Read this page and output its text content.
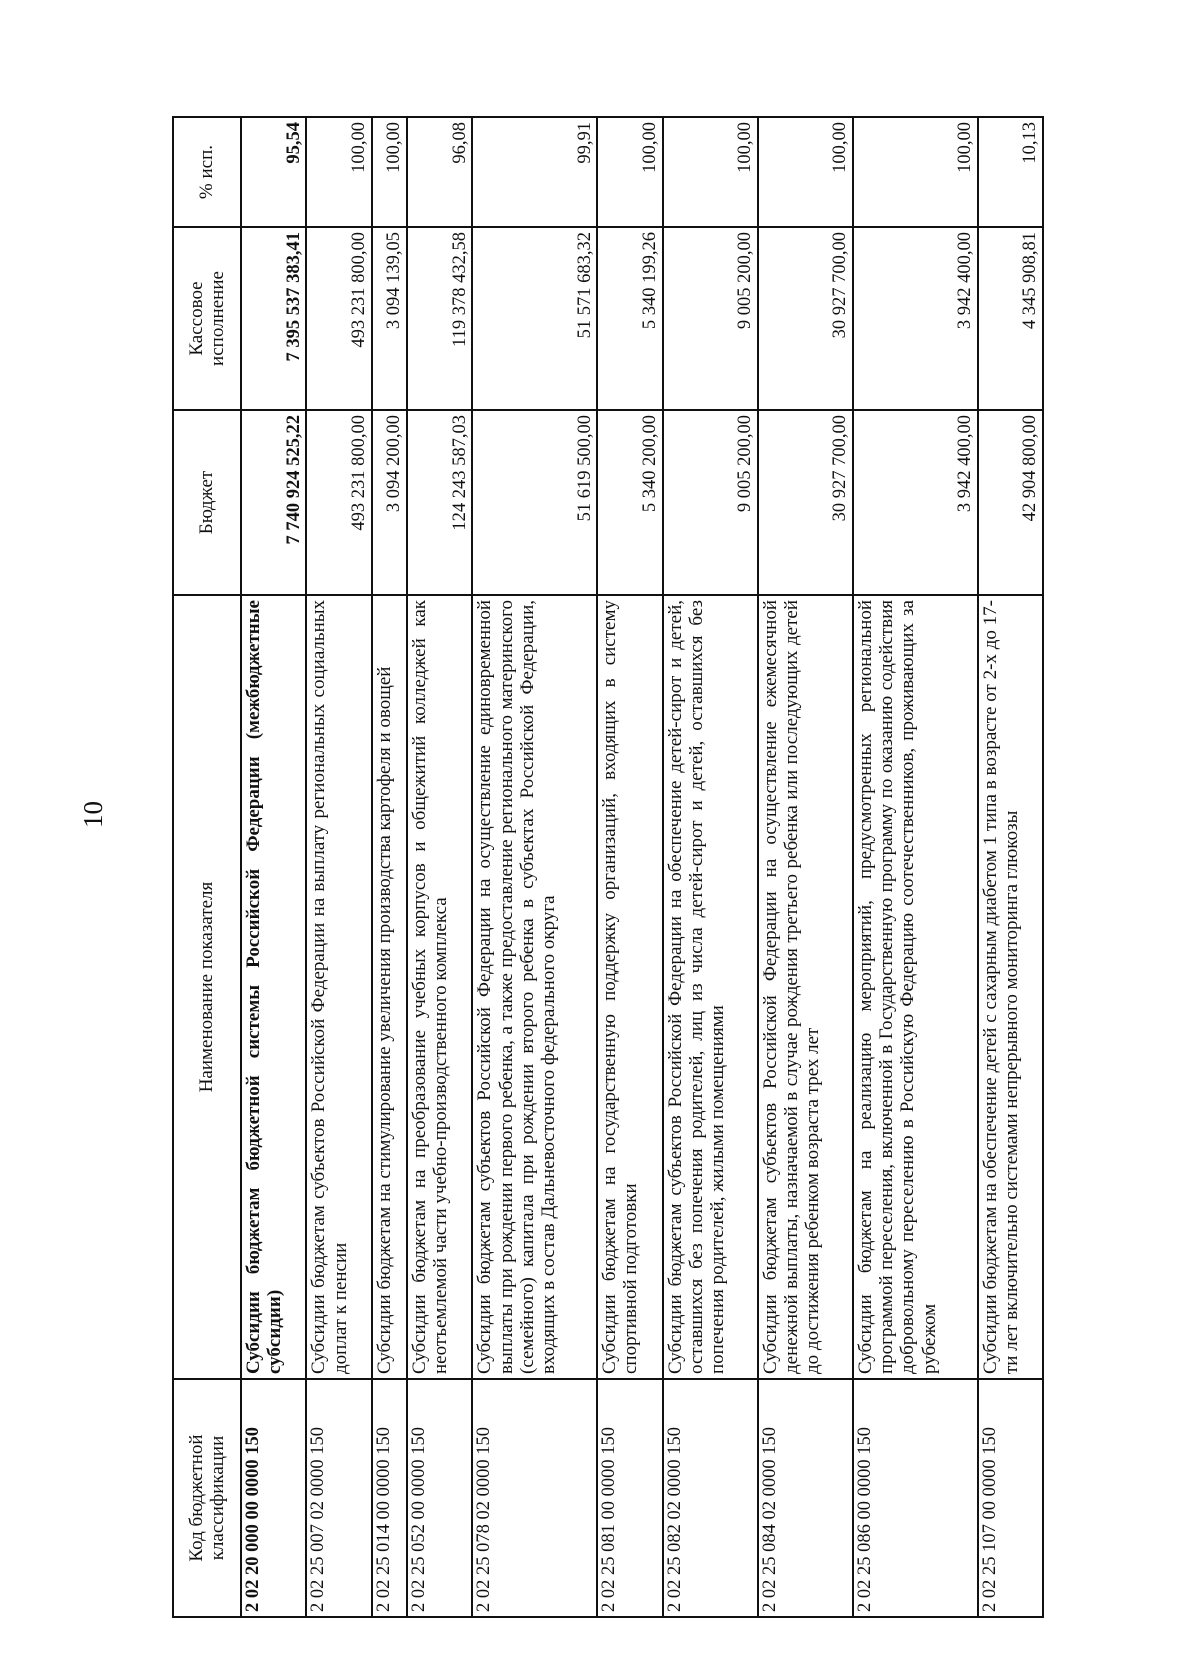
10
Код бюджетной классификации	Наименование показателя	Бюджет	Кассовое исполнение	% исп.
2 02 20 000 00 0000 150	Субсидии бюджетам бюджетной системы Российской Федерации (межбюджетные субсидии)	7 740 924 525,22	7 395 537 383,41	95,54
2 02 25 007 02 0000 150	Субсидии бюджетам субъектов Российской Федерации на выплату региональных социальных доплат к пенсии	493 231 800,00	493 231 800,00	100,00
2 02 25 014 00 0000 150	Субсидии бюджетам на стимулирование увеличения производства картофеля и овощей	3 094 200,00	3 094 139,05	100,00
2 02 25 052 00 0000 150	Субсидии бюджетам на преобразование учебных корпусов и общежитий колледжей как неотъемлемой части учебно-производственного комплекса	124 243 587,03	119 378 432,58	96,08
2 02 25 078 02 0000 150	Субсидии бюджетам субъектов Российской Федерации на осуществление единовременной выплаты при рождении первого ребенка, а также предоставление регионального материнского (семейного) капитала при рождении второго ребенка в субъектах Российской Федерации, входящих в состав Дальневосточного федерального округа	51 619 500,00	51 571 683,32	99,91
2 02 25 081 00 0000 150	Субсидии бюджетам на государственную поддержку организаций, входящих в систему спортивной подготовки	5 340 200,00	5 340 199,26	100,00
2 02 25 082 02 0000 150	Субсидии бюджетам субъектов Российской Федерации на обеспечение детей-сирот и детей, оставшихся без попечения родителей, лиц из числа детей-сирот и детей, оставшихся без попечения родителей, жилыми помещениями	9 005 200,00	9 005 200,00	100,00
2 02 25 084 02 0000 150	Субсидии бюджетам субъектов Российской Федерации на осуществление ежемесячной денежной выплаты, назначаемой в случае рождения третьего ребенка или последующих детей до достижения ребенком возраста трех лет	30 927 700,00	30 927 700,00	100,00
2 02 25 086 00 0000 150	Субсидии бюджетам на реализацию мероприятий, предусмотренных региональной программой переселения, включенной в Государственную программу по оказанию содействия добровольному переселению в Российскую Федерацию соотечественников, проживающих за рубежом	3 942 400,00	3 942 400,00	100,00
2 02 25 107 00 0000 150	Субсидии бюджетам на обеспечение детей с сахарным диабетом 1 типа в возрасте от 2-х до 17-ти лет включительно системами непрерывного мониторинга глюкозы	42 904 800,00	4 345 908,81	10,13
